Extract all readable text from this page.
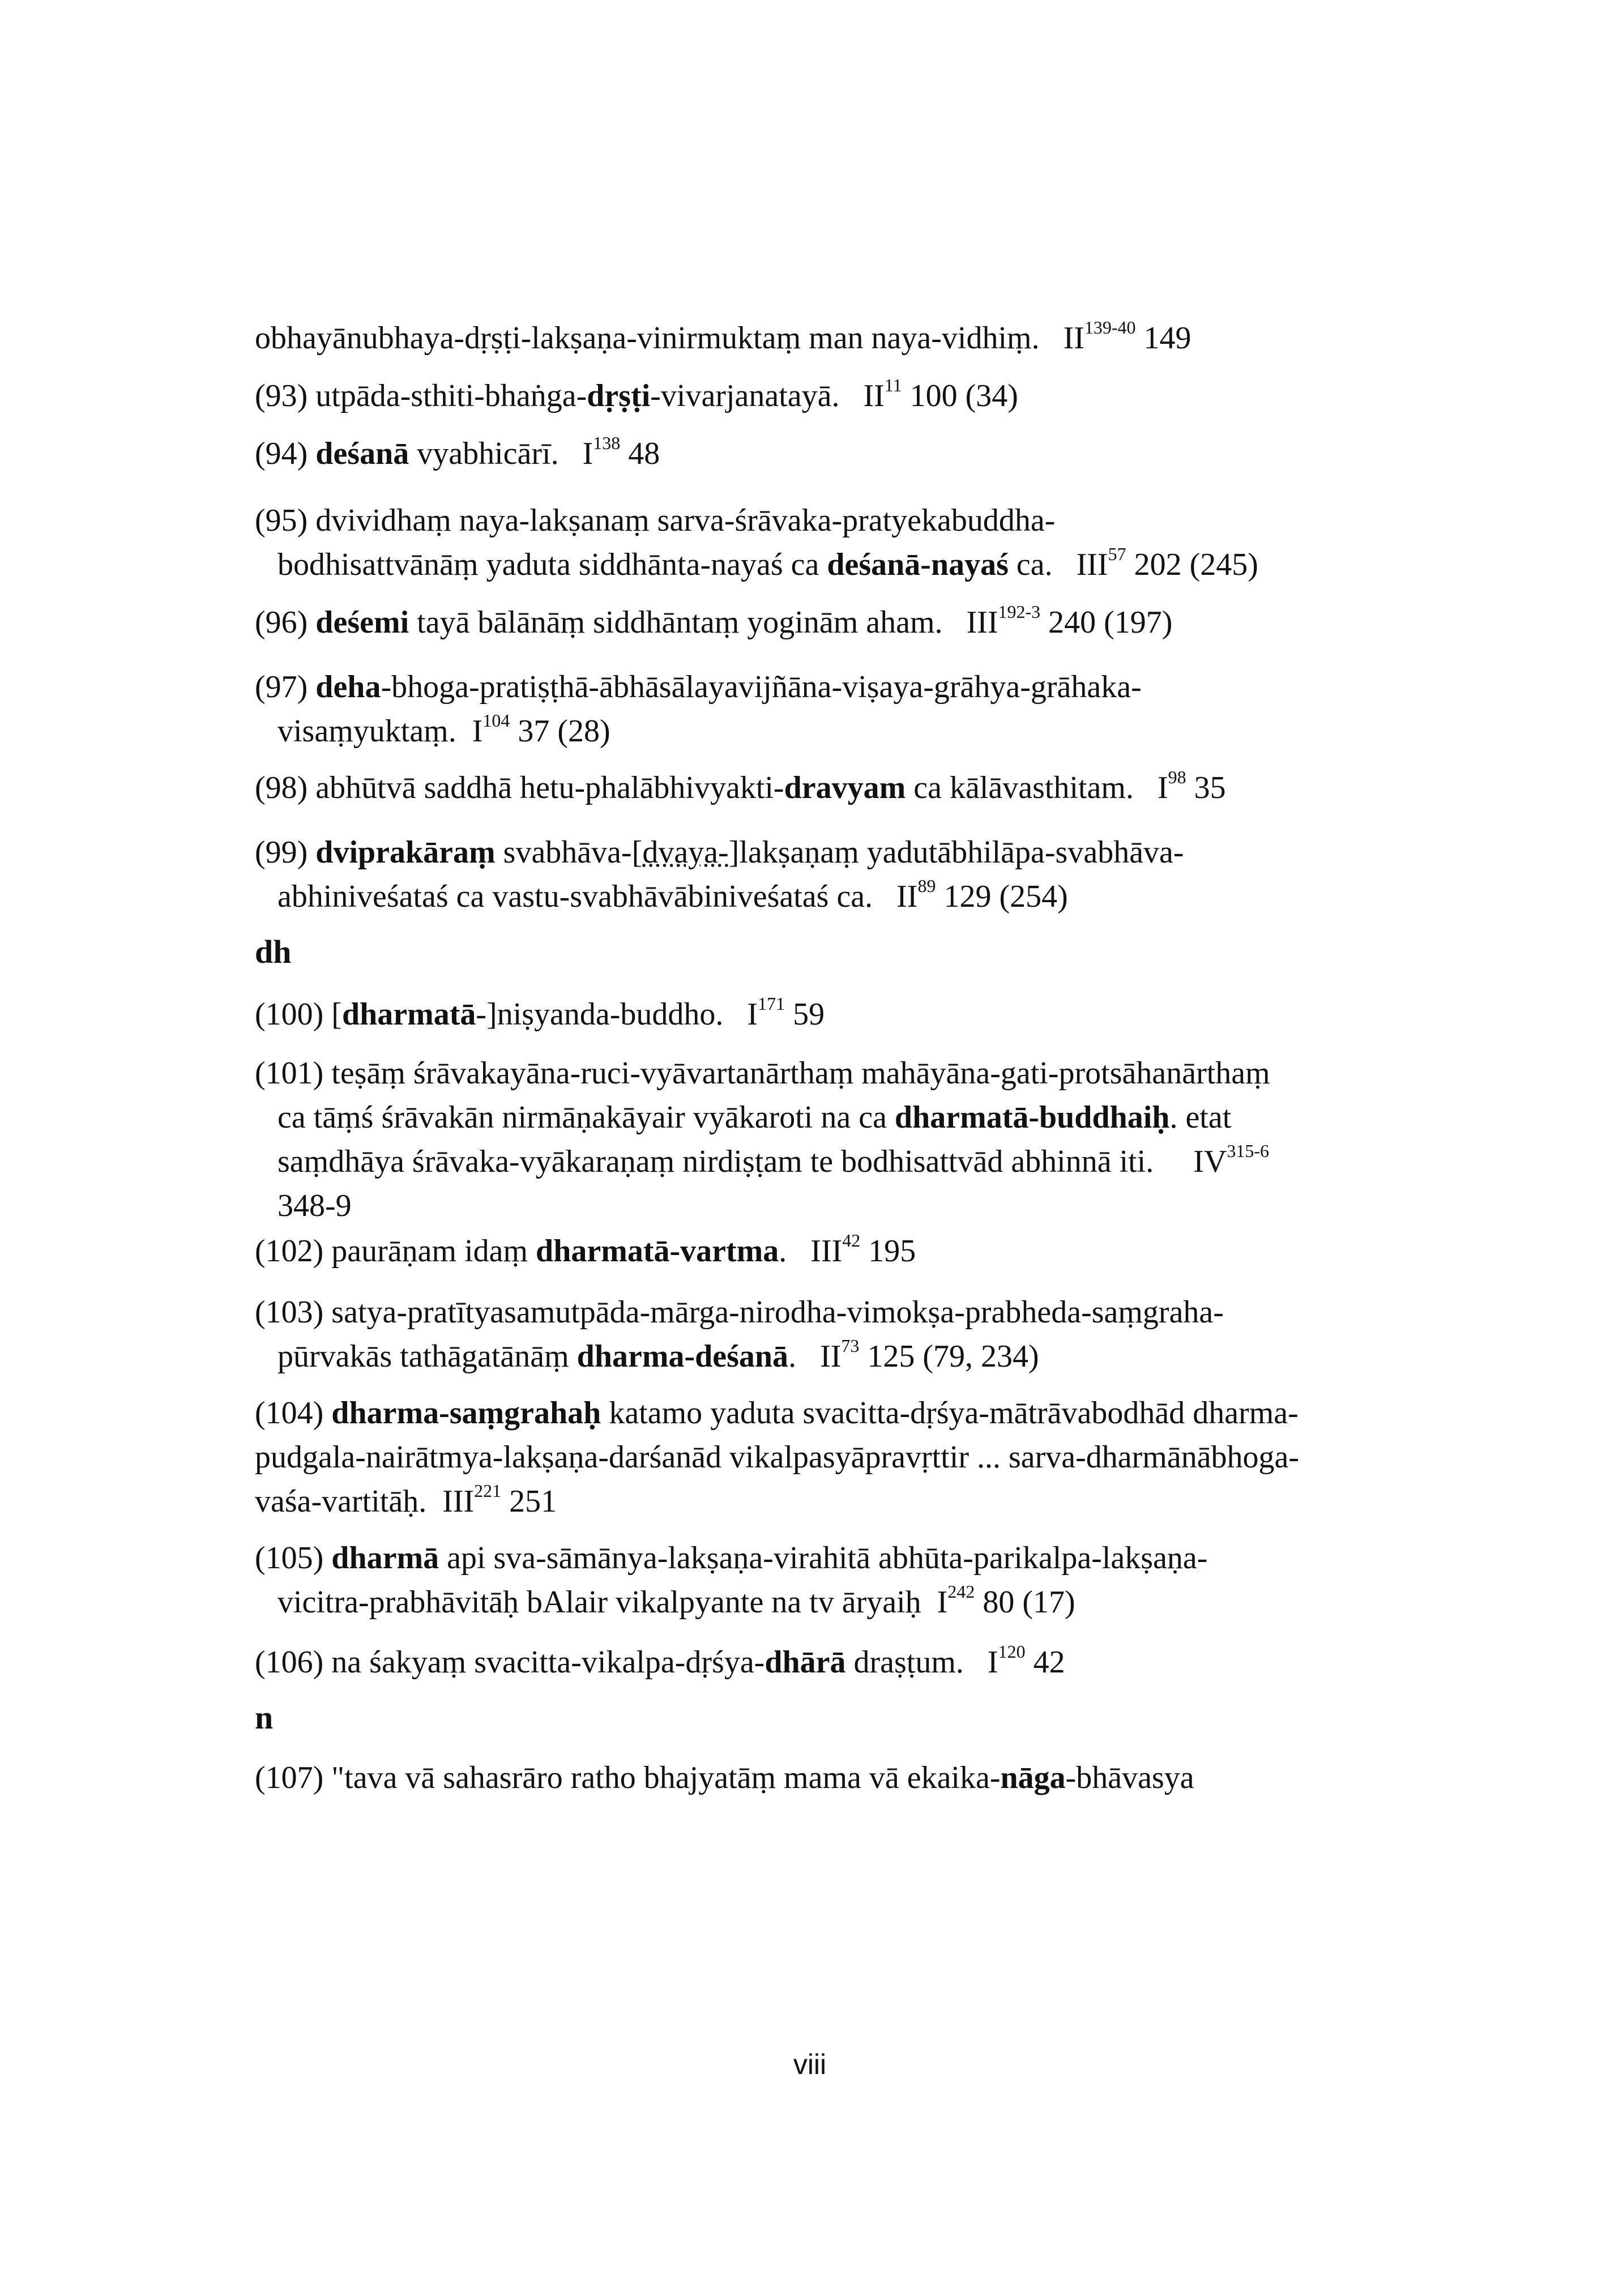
obhayānubhaya-dṛṣṭi-lakṣaṇa-vinirmuktaṃ man naya-vidhiṃ. II$^{139-40}$ 149
(93) utpāda-sthiti-bhaṅga-dṛṣṭi-vivarjanatayā. II$^{11}$ 100 (34)
(94) deśanā vyabhicārī. $I^{138}$ 48
(95) dvividhaṃ naya-lakṣanaṃ sarva-śrāvaka-pratyekabuddha-
bodhisattvānāṃ yaduta siddhānta-nayaś ca deśanā-nayaś ca. III$^{57}$ 202 (245)
(96) deśemi tayā bālānāṃ siddhāntaṃ yoginām aham. III$^{192-3}$ 240 (197)
(97) deha-bhoga-pratiṣṭhā-ābhāsālayavijñāna-viṣaya-grāhya-grāhaka-
visaṃyuktaṃ. $I^{104}$ 37 (28)
(98) abhūtvā saddhā hetu-phalābhivyakti-dravyam ca kālāvasthitam. $I^{98}$ 35
(99) dviprakāraṃ svabhāva-[dvaya-]lakṣaṇaṃ yadutābhilāpa-svabhāva-
abhiniveśataś ca vastu-svabhāvābiniveśataś ca. II$^{89}$ 129 (254)
dh
(100) [dharmatā-]niṣyanda-buddho. $I^{171}$ 59
(101) teṣāṃ śrāvakayāna-ruci-vyāvartanārthaṃ mahāyāna-gati-protsāhanārthaṃ
ca tāṃś śrāvakān nirmāṇakāyair vyākaroti na ca dharmatā-buddhaiḥ. etat
saṃdhāya śrāvaka-vyākaraṇaṃ nirdiṣṭam te bodhisattvād abhinnā iti. IV$^{315-6}$
348-9
(102) paurāṇam idaṃ dharmatā-vartma. III$^{42}$ 195
(103) satya-pratītyasamutpāda-mārga-nirodha-vimokṣa-prabheda-saṃgraha-
pūrvakās tathāgatānāṃ dharma-deśanā. II$^{73}$ 125 (79, 234)
(104) dharma-saṃgrahaḥ katamo yaduta svacitta-dṛśya-mātrāvabodhād dharma-
pudgala-nairātmya-lakṣaṇa-darśanād vikalpasyāpravṛttir ... sarva-dharmānābhoga-
vaśa-vartitāḥ. III$^{221}$ 251
(105) dharmā api sva-sāmānya-lakṣaṇa-virahitā abhūta-parikalpa-lakṣaṇa-
vicitra-prabhāvitāḥ bAlair vikalpyante na tv āryaiḥ $I^{242}$ 80 (17)
(106) na śakyaṃ svacitta-vikalpa-dṛśya-dhārā draṣṭum. $I^{120}$ 42
n
(107) "tava vā sahasrāro ratho bhajyatāṃ mama vā ekaika-nāga-bhāvasya
viii
